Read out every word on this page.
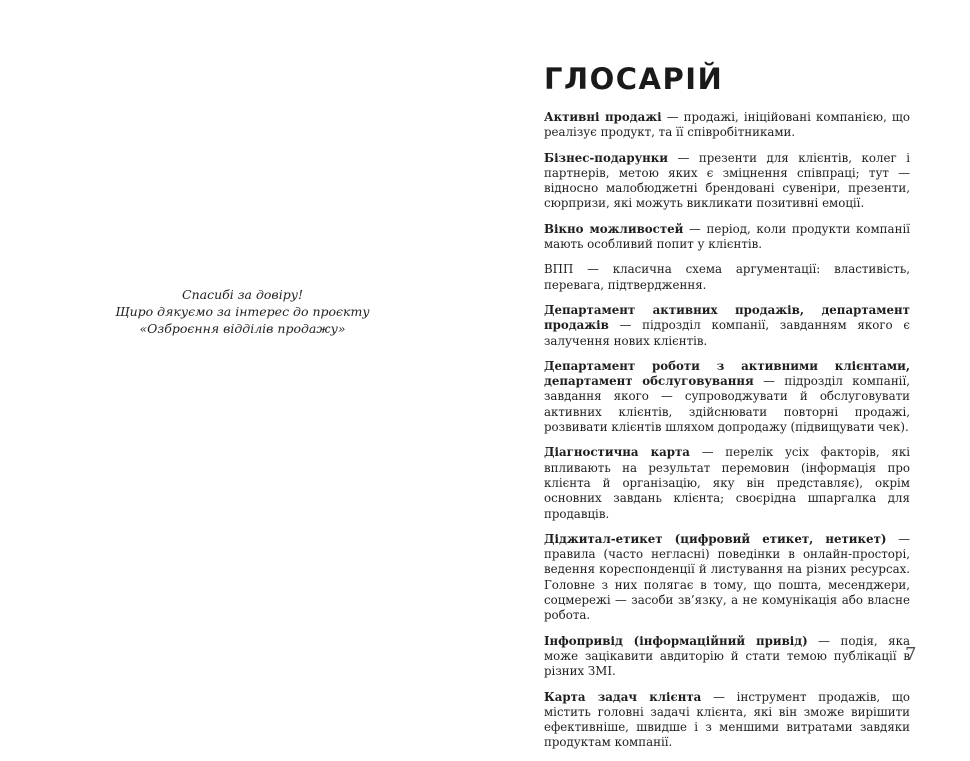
Спасибі за довіру!
Щиро дякуємо за інтерес до проєкту
«Озброєння відділів продажу»
ГЛОСАРІЙ

Активні продажі — продажі, ініційовані компанією, що реалізує продукт, та її співробітниками.

Бізнес-подарунки — презенти для клієнтів, колег і партнерів, метою яких є зміцнення співпраці; тут — відносно малобюджетні брендовані сувеніри, презенти, сюрпризи, які можуть викликати позитивні емоції.

Вікно можливостей — період, коли продукти компанії мають особливий попит у клієнтів.

ВПП — класична схема аргументації: властивість, перевага, підтвердження.

Департамент активних продажів, департамент продажів — підрозділ компанії, завданням якого є залучення нових клієнтів.

Департамент роботи з активними клієнтами, департамент обслуговування — підрозділ компанії, завдання якого — супроводжувати й обслуговувати активних клієнтів, здійснювати повторні продажі, розвивати клієнтів шляхом допродажу (підвищувати чек).

Діагностична карта — перелік усіх факторів, які впливають на результат перемовин (інформація про клієнта й організацію, яку він представляє), окрім основних завдань клієнта; своєрідна шпаргалка для продавців.

Діджитал-етикет (цифровий етикет, нетикет) — правила (часто негласні) поведінки в онлайн-просторі, ведення кореспонденції й листування на різних ресурсах. Головне з них полягає в тому, що пошта, месенджери, соцмережі — засоби зв’язку, а не комунікація або власне робота.

Інфопривід (інформаційний привід) — подія, яка може зацікавити авдиторію й стати темою публікації в різних ЗМІ.

Карта задач клієнта — інструмент продажів, що містить головні задачі клієнта, які він зможе вирішити ефективніше, швидше і з меншими витратами завдяки продуктам компанії.

7
